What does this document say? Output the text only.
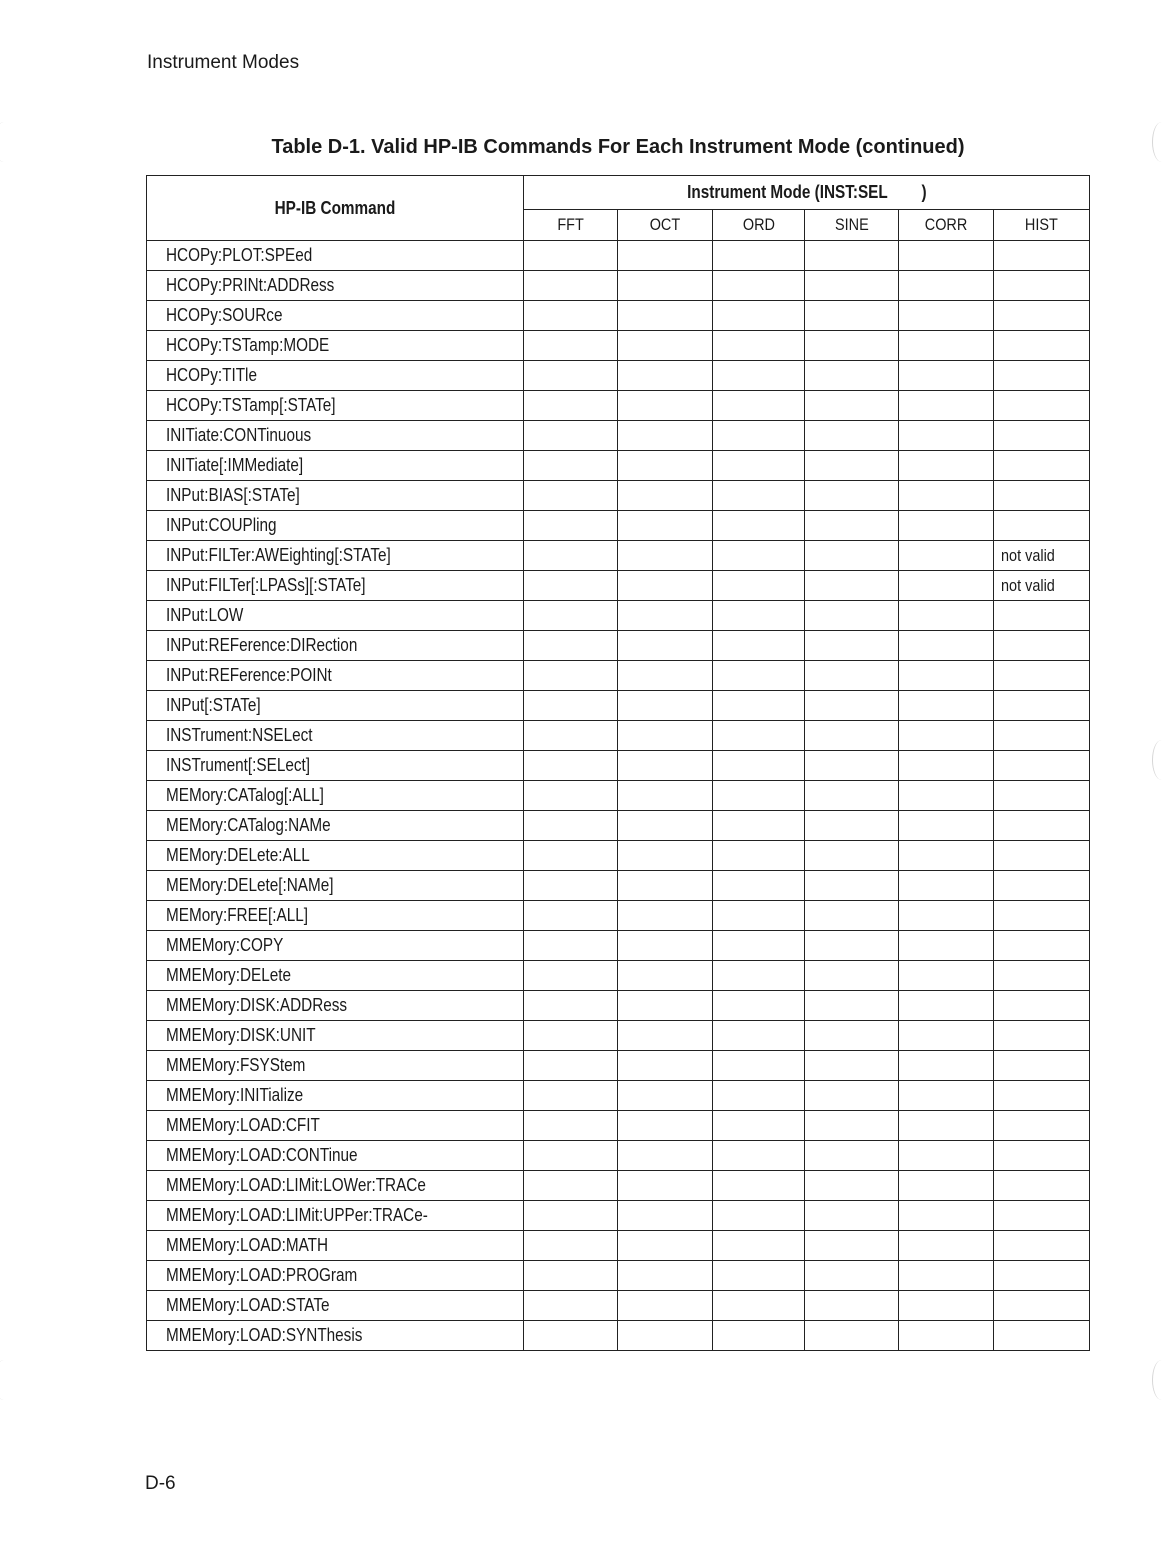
Instrument Modes
Table D-1. Valid HP-IB Commands For Each Instrument Mode (continued)
HP-IB Command	Instrument Mode (INST:SEL        )					
	FFT	OCT	ORD	SINE	CORR	HIST
HCOPy:PLOT:SPEed						
HCOPy:PRINt:ADDRess						
HCOPy:SOURce						
HCOPy:TSTamp:MODE						
HCOPy:TITle						
HCOPy:TSTamp[:STATe]						
INITiate:CONTinuous						
INITiate[:IMMediate]						
INPut:BIAS[:STATe]						
INPut:COUPling						
INPut:FILTer:AWEighting[:STATe]						not valid
INPut:FILTer[:LPASs][:STATe]						not valid
INPut:LOW						
INPut:REFerence:DIRection						
INPut:REFerence:POINt						
INPut[:STATe]						
INSTrument:NSELect						
INSTrument[:SELect]						
MEMory:CATalog[:ALL]						
MEMory:CATalog:NAMe						
MEMory:DELete:ALL						
MEMory:DELete[:NAMe]						
MEMory:FREE[:ALL]						
MMEMory:COPY						
MMEMory:DELete						
MMEMory:DISK:ADDRess						
MMEMory:DISK:UNIT						
MMEMory:FSYStem						
MMEMory:INITialize						
MMEMory:LOAD:CFIT						
MMEMory:LOAD:CONTinue						
MMEMory:LOAD:LIMit:LOWer:TRACe						
MMEMory:LOAD:LIMit:UPPer:TRACe-						
MMEMory:LOAD:MATH						
MMEMory:LOAD:PROGram						
MMEMory:LOAD:STATe						
MMEMory:LOAD:SYNThesis						
D-6
